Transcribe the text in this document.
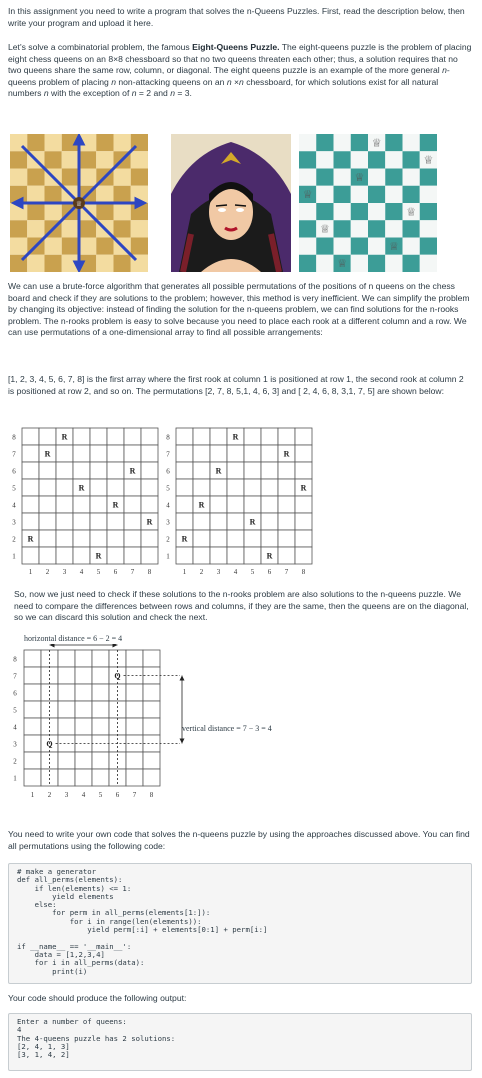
In this assignment you need to write a program that solves the n-Queens Puzzles. First, read the description below, then write your program and upload it here.

Let's solve a combinatorial problem, the famous Eight-Queens Puzzle. The eight-queens puzzle is the problem of placing eight chess queens on an 8×8 chessboard so that no two queens threaten each other; thus, a solution requires that no two queens share the same row, column, or diagonal. The eight queens puzzle is an example of the more general n-queens problem of placing n non-attacking queens on an n ×n chessboard, for which solutions exist for all natural numbers n with the exception of n = 2 and n = 3.

♕
♕
♕
♕
♕
♕
♕
♕
♕

We can use a brute-force algorithm that generates all possible permutations of the positions of n queens on the chess board and check if they are solutions to the problem; however, this method is very inefficient. We can simplify the problem by changing its objective: instead of finding the solution for the n-queens problem, we can find solutions for the n-rooks problem. The n-rooks problem is easy to solve because you need to place each rook at a different column and a row. We can use permutations of a one-dimensional array to find all possible arrangements:

[1, 2, 3, 4, 5, 6, 7, 8] is the first array where the first rook at column 1 is positioned at row 1, the second rook at column 2 is positioned at row 2, and so on. The permutations [2, 7, 8, 5,1, 4, 6, 3] and [ 2, 4, 6, 8, 3,1, 7, 5] are shown below:

8
7
6
5
4
3
2
1
1 2 3 4 5 6 7 8
R
R
R
R
R
R
R
R
8
7
6
5
4
3
2
1
1 2 3 4 5 6 7 8
R
R
R
R
R
R
R
R

So, now we just need to check if these solutions to the n-rooks problem are also solutions to the n-queens puzzle. We need to compare the differences between rows and columns, if they are the same, then the queens are on the diagonal, so we can discard this solution and check the next.

horizontal distance = 6 − 2 = 4
8
7
6
5
4
3
2
1
1 2 3 4 5 6 7 8
Q
Q
vertical distance = 7 − 3 = 4

You need to write your own code that solves the n-queens puzzle by using the approaches discussed above. You can find all permutations using the following code:

# make a generator
def all_perms(elements):
if len(elements) <= 1:
yield elements
else:
for perm in all_perms(elements[1:]):
for i in range(len(elements)):
yield perm[:i] + elements[0:1] + perm[i:]

if __name__ == '__main__':
data = [1,2,3,4]
for i in all_perms(data):
print(i)

Your code should produce the following output:

Enter a number of queens:
4
The 4-queens puzzle has 2 solutions:
[2, 4, 1, 3]
[3, 1, 4, 2]
